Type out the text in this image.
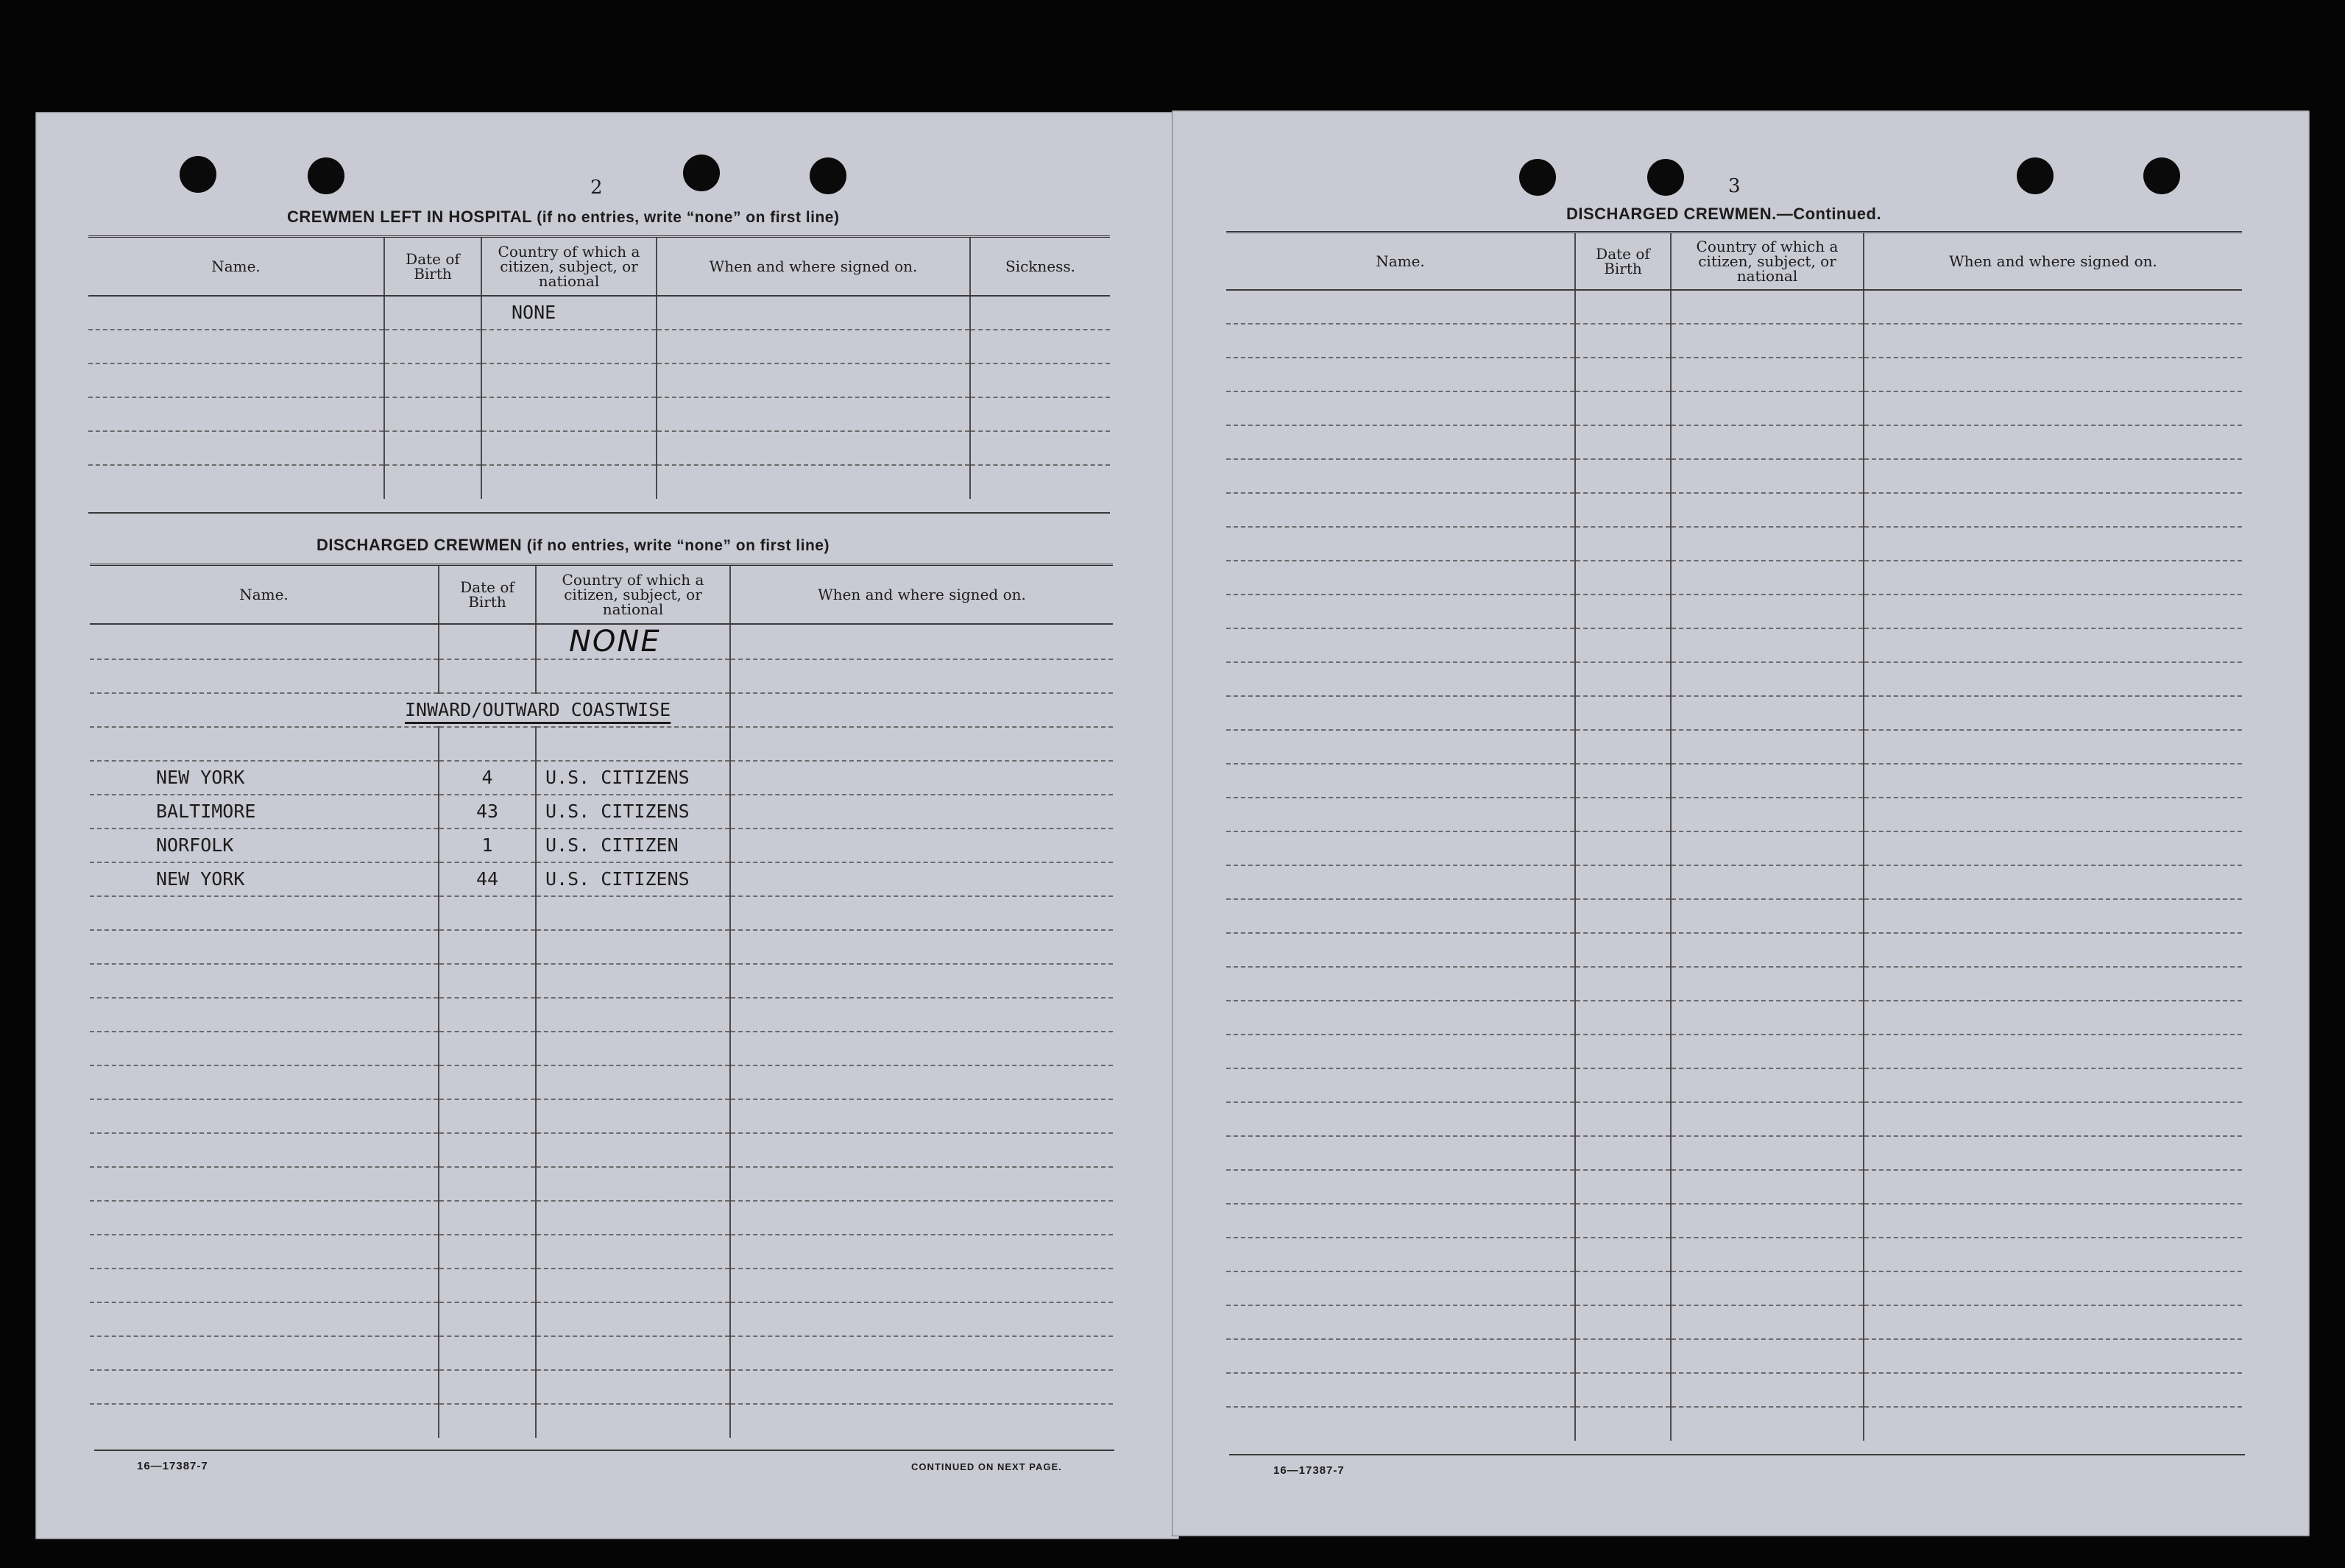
2
CREWMEN LEFT IN HOSPITAL (if no entries, write “none” on first line)
Name.	Date of Birth	Country of which a citizen, subject, or national	When and where signed on.	Sickness.
		NONE		

DISCHARGED CREWMEN (if no entries, write “none” on first line)
Name.	Date of Birth	Country of which a citizen, subject, or national	When and where signed on.
		NONE	

INWARD/OUTWARD COASTWISE			

NEW YORK	4	U.S. CITIZENS	
BALTIMORE	43	U.S. CITIZENS	
NORFOLK	1	U.S. CITIZEN	
NEW YORK	44	U.S. CITIZENS	

16—17387-7	CONTINUED ON NEXT PAGE.
3
DISCHARGED CREWMEN.—Continued.
Name.	Date of Birth	Country of which a citizen, subject, or national	When and where signed on.

16—17387-7
